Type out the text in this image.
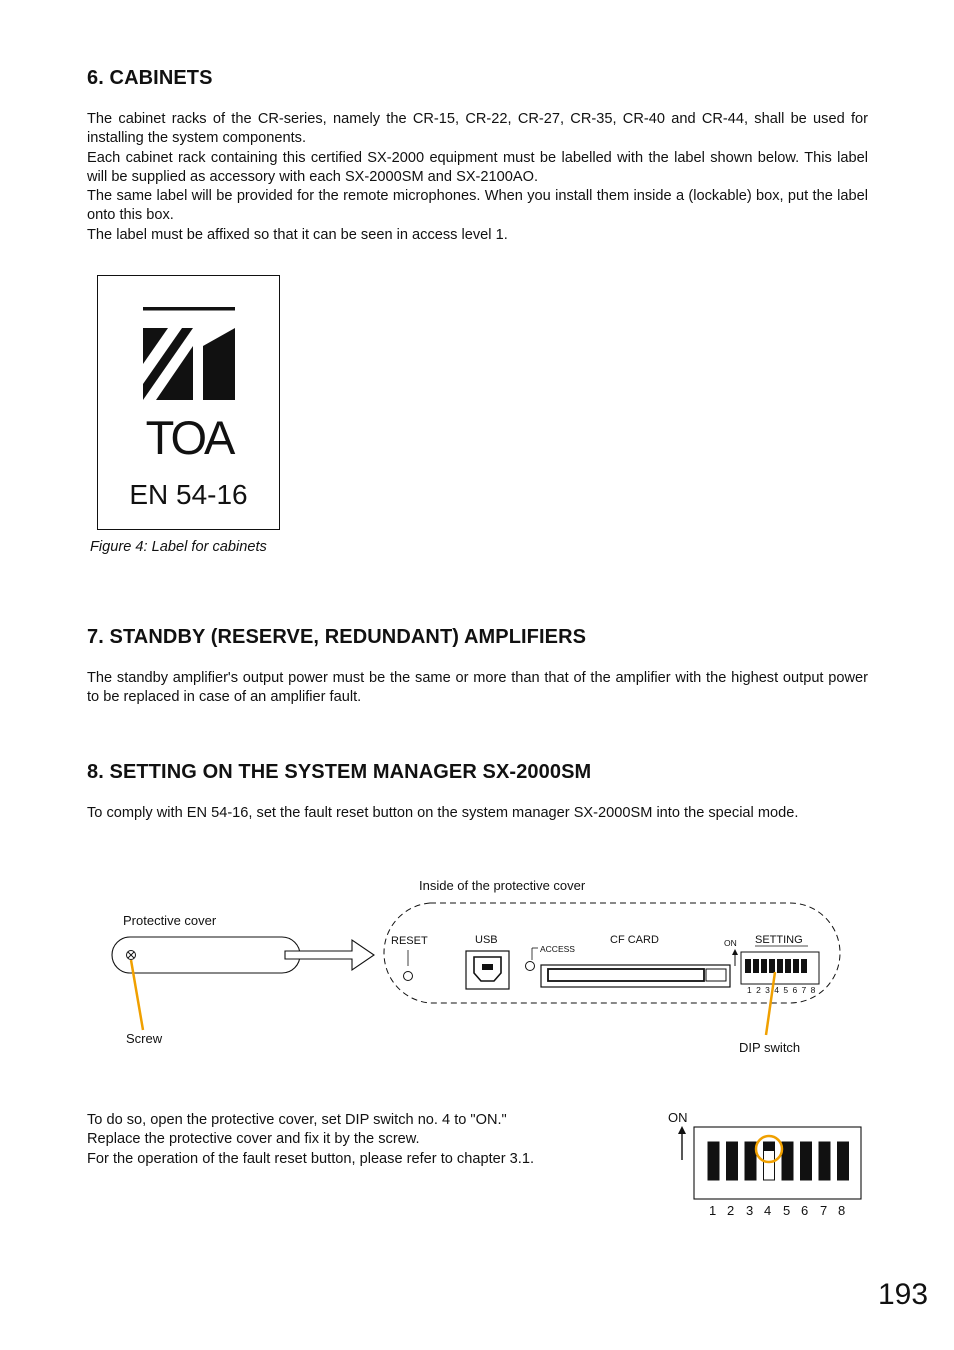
6. CABINETS
The cabinet racks of the CR-series, namely the CR-15, CR-22, CR-27, CR-35, CR-40 and CR-44, shall be used for installing the system components.
Each cabinet rack containing this certified SX-2000 equipment must be labelled with the label shown below. This label will be supplied as accessory with each SX-2000SM and SX-2100AO.
The same label will be provided for the remote microphones. When you install them inside a (lockable) box, put the label onto this box.
The label must be affixed so that it can be seen in access level 1.
TOA
EN 54-16
Figure 4: Label for cabinets
7. STANDBY (RESERVE, REDUNDANT) AMPLIFIERS
The standby amplifier's output power must be the same or more than that of the amplifier with the highest output power to be replaced in case of an amplifier fault.
8. SETTING ON THE SYSTEM MANAGER SX-2000SM
To comply with EN 54-16, set the fault reset button on the system manager SX-2000SM into the special mode.
RESET	USB
ACCESS
CF CARD	ON SETTING
1 2 3 4 5 6 7 8
Inside of the protective cover
Protective cover
Screw
DIP switch
To do so, open the protective cover, set DIP switch no. 4 to "ON."
Replace the protective cover and fix it by the screw.
For the operation of the fault reset button, please refer to chapter 3.1.
ON
1 2 3 4 5 6 7 8
193
